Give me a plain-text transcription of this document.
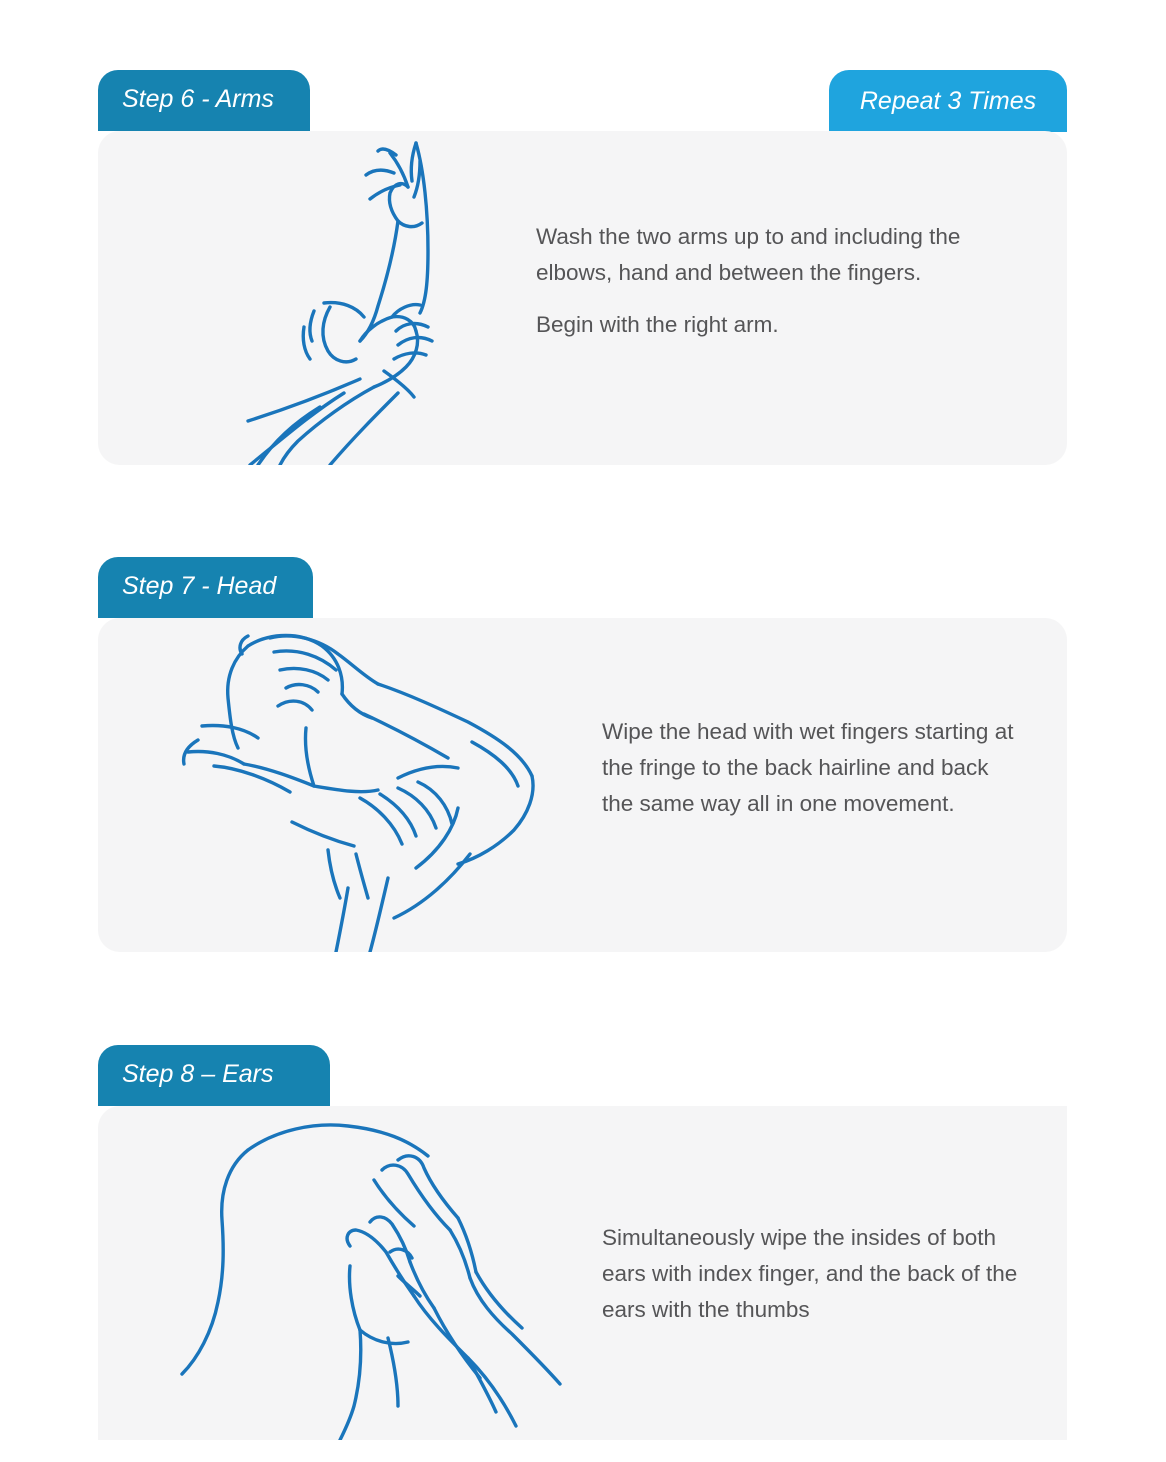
Step 6 - Arms	Repeat 3 Times

Wash the two arms up to and including the elbows, hand and between the fingers.

Begin with the right arm.

Step 7 - Head

Wipe the head with wet fingers starting at the fringe to the back hairline and back the same way all in one movement.

Step 8 – Ears

Simultaneously wipe the insides of both ears with index finger, and the back of the ears with the thumbs
